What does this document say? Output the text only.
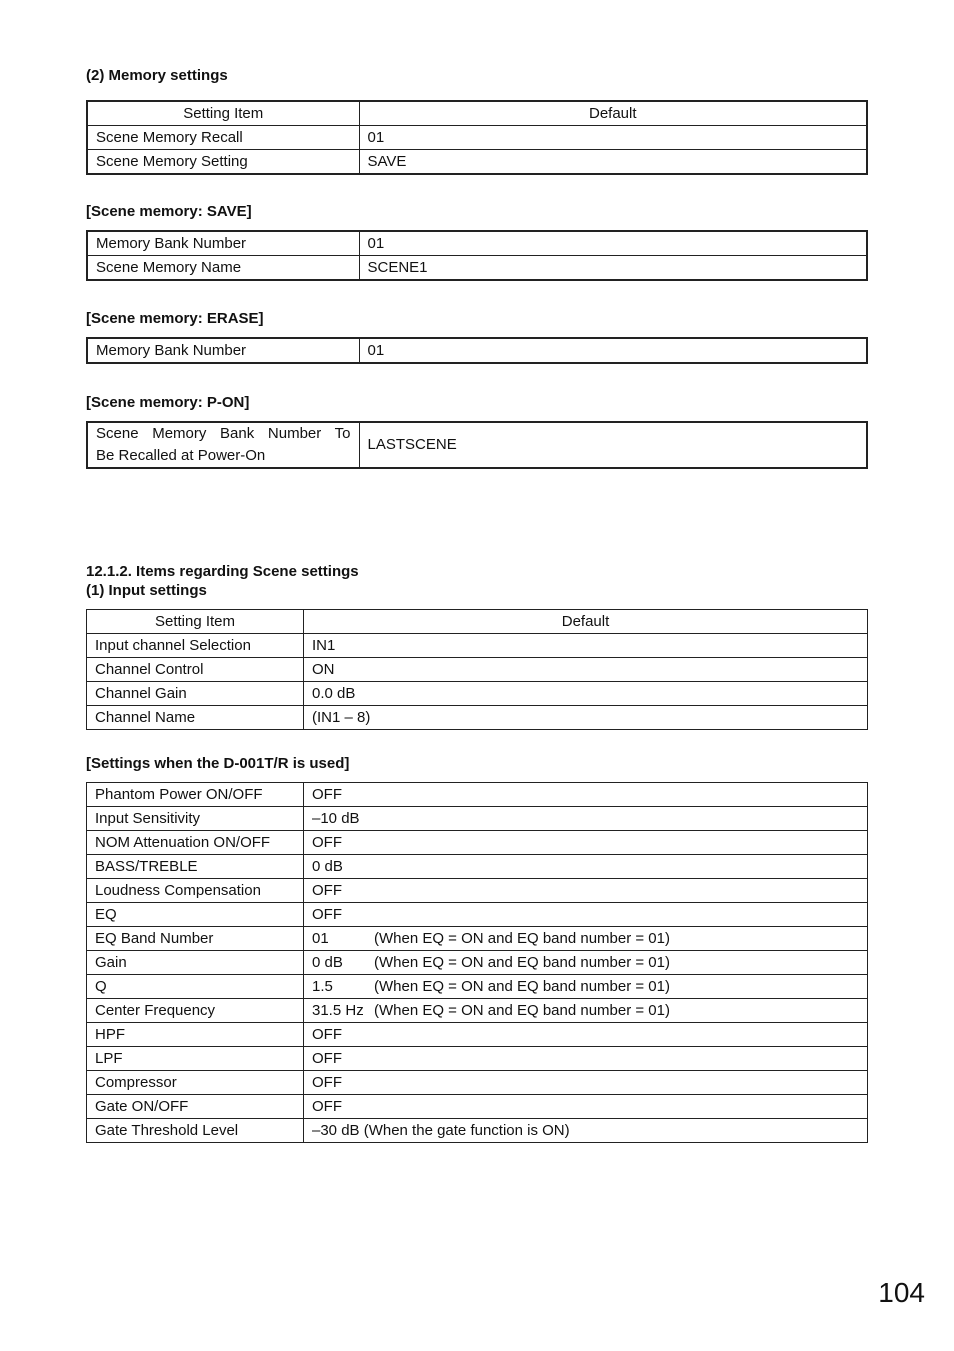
(2) Memory settings
Setting Item	Default
Scene Memory Recall	01
Scene Memory Setting	SAVE
[Scene memory: SAVE]
Memory Bank Number	01
Scene Memory Name	SCENE1
[Scene memory: ERASE]
Memory Bank Number	01
[Scene memory: P-ON]
Scene Memory Bank Number To
Be Recalled at Power-On	LASTSCENE
12.1.2. Items regarding Scene settings
(1) Input settings
Setting Item	Default
Input channel Selection	IN1
Channel Control	ON
Channel Gain	0.0 dB
Channel Name	(IN1 – 8)
[Settings when the D-001T/R is used]
Phantom Power ON/OFF	OFF
Input Sensitivity	–10 dB
NOM Attenuation ON/OFF	OFF
BASS/TREBLE	0 dB
Loudness Compensation	OFF
EQ	OFF
EQ Band Number	01 (When EQ = ON and EQ band number = 01)
Gain	0 dB (When EQ = ON and EQ band number = 01)
Q	1.5 (When EQ = ON and EQ band number = 01)
Center Frequency	31.5 Hz (When EQ = ON and EQ band number = 01)
HPF	OFF
LPF	OFF
Compressor	OFF
Gate ON/OFF	OFF
Gate Threshold Level	–30 dB (When the gate function is ON)
104
